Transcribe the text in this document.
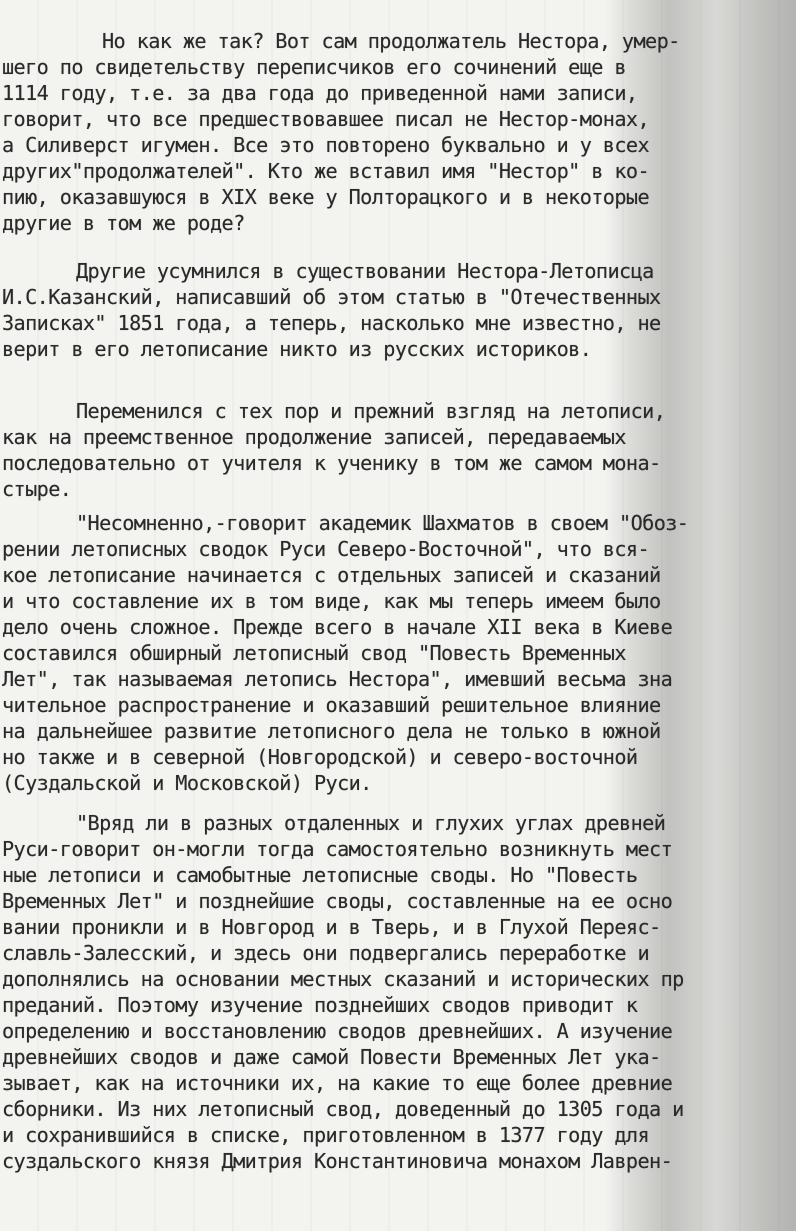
Но как же так? Вот сам продолжатель Нестора, умер-
шего по свидетельству переписчиков его сочинений еще в
1114 году, т.е. за два года до приведенной нами записи,
говорит, что все предшествовавшее писал не Нестор-монах,
а Силиверст игумен. Все это повторено буквально и у всех
других"продолжателей". Кто же вставил имя "Нестор" в ко-
пию, оказавшуюся в XIX веке у Полторацкого и в некоторые
другие в том же роде?
Другие усумнился в существовании Нестора-Летописца
И.С.Казанский, написавший об этом статью в "Отечественных
Записках" 1851 года, а теперь, насколько мне известно, не
верит в его летописание никто из русских историков.
Переменился с тех пор и прежний взгляд на летописи,
как на преемственное продолжение записей, передаваемых
последовательно от учителя к ученику в том же самом мона-
стыре.
"Несомненно,-говорит академик Шахматов в своем "Обоз-
рении летописных сводок Руси Северо-Восточной", что вся-
кое летописание начинается с отдельных записей и сказаний
и что составление их в том виде, как мы теперь имеем было
дело очень сложное. Прежде всего в начале XII века в Киеве
составился обширный летописный свод "Повесть Временных
Лет", так называемая летопись Нестора", имевший весьма зна
чительное распространение и оказавший решительное влияние
на дальнейшее развитие летописного дела не только в южной
но также и в северной (Новгородской) и северо-восточной
(Суздальской и Московской) Руси.
"Вряд ли в разных отдаленных и глухих углах древней
Руси-говорит он-могли тогда самостоятельно возникнуть мест
ные летописи и самобытные летописные своды. Но "Повесть
Временных Лет" и позднейшие своды, составленные на ее осно
вании проникли и в Новгород и в Тверь, и в Глухой Переяс-
славль-Залесский, и здесь они подвергались переработке и
дополнялись на основании местных сказаний и исторических пр
преданий. Поэтому изучение позднейших сводов приводит к
определению и восстановлению сводов древнейших. А изучение
древнейших сводов и даже самой Повести Временных Лет ука-
зывает, как на источники их, на какие то еще более древние
сборники. Из них летописный свод, доведенный до 1305 года и
и сохранившийся в списке, приготовленном в 1377 году для
суздальского князя Дмитрия Константиновича монахом Лаврен-
